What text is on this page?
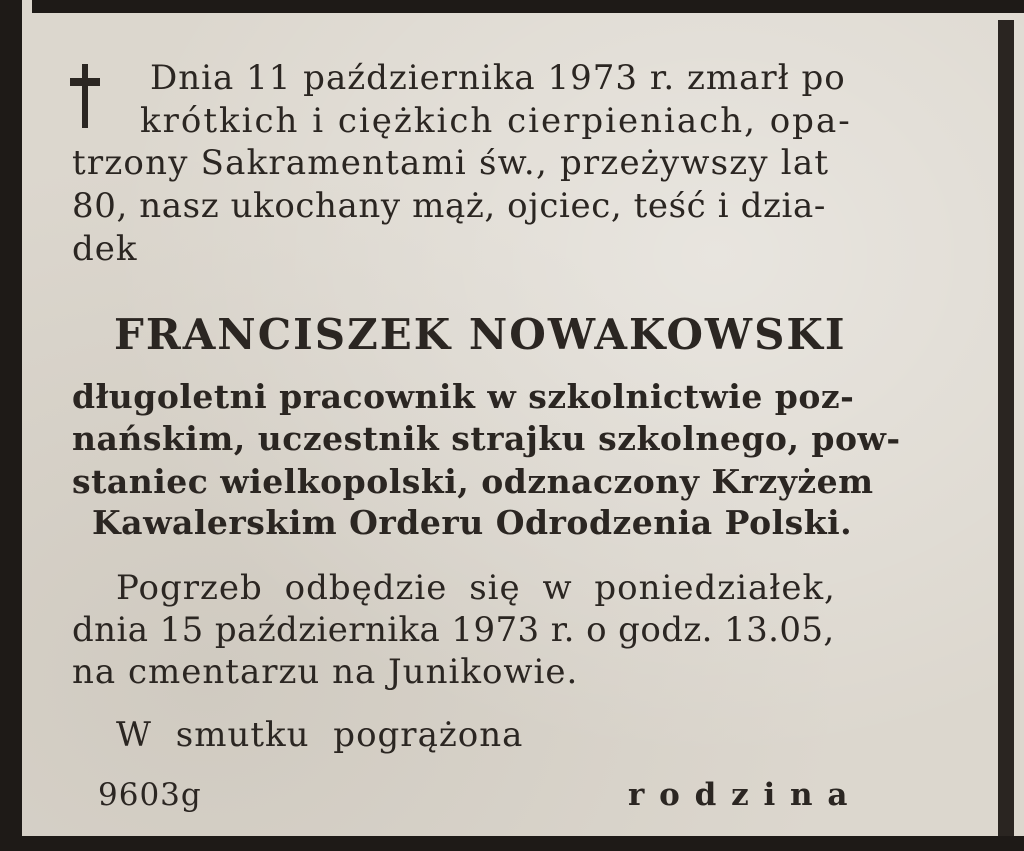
Dnia 11 października 1973 r. zmarł po
krótkich i ciężkich cierpieniach, opa-
trzony Sakramentami św., przeżywszy lat
80, nasz ukochany mąż, ojciec, teść i dzia-
dek
FRANCISZEK NOWAKOWSKI
długoletni pracownik w szkolnictwie poz-
nańskim, uczestnik strajku szkolnego, pow-
staniec wielkopolski, odznaczony Krzyżem
Kawalerskim Orderu Odrodzenia Polski.
Pogrzeb odbędzie się w poniedziałek,
dnia 15 października 1973 r. o godz. 13.05,
na cmentarzu na Junikowie.
W smutku pogrążona
9603g	r o d z i n a
